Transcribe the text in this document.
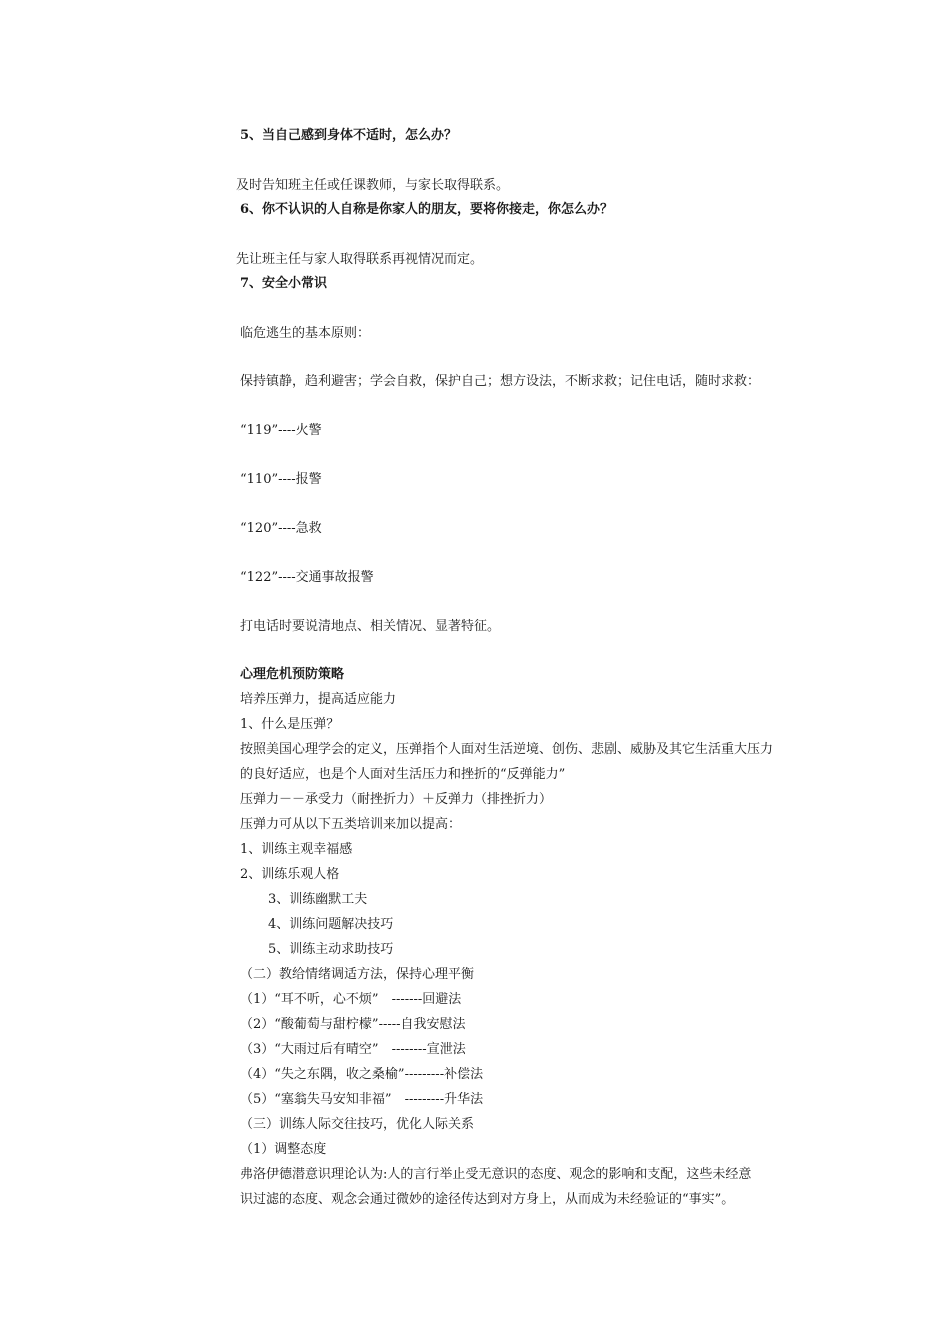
5、当自己感到身体不适时，怎么办？
及时告知班主任或任课教师，与家长取得联系。
6、你不认识的人自称是你家人的朋友，要将你接走，你怎么办？
先让班主任与家人取得联系再视情况而定。
7、安全小常识
临危逃生的基本原则：
保持镇静，趋利避害；学会自救，保护自己；想方设法，不断求救；记住电话，随时求救：
“119”----火警
“110”----报警
“120”----急救
“122”----交通事故报警
打电话时要说清地点、相关情况、显著特征。
心理危机预防策略
培养压弹力，提高适应能力
1、什么是压弹？
按照美国心理学会的定义，压弹指个人面对生活逆境、创伤、悲剧、威胁及其它生活重大压力
的良好适应，也是个人面对生活压力和挫折的“反弹能力”
压弹力－－承受力（耐挫折力）＋反弹力（排挫折力）
压弹力可从以下五类培训来加以提高：
1、训练主观幸福感
2、训练乐观人格
3、训练幽默工夫
4、训练问题解决技巧
5、训练主动求助技巧
（二）教给情绪调适方法，保持心理平衡
（1）“耳不听，心不烦”　-------回避法
（2）“酸葡萄与甜柠檬”-----自我安慰法
（3）“大雨过后有晴空”　--------宣泄法
（4）“失之东隅，收之桑榆”---------补偿法
（5）“塞翁失马安知非福”　---------升华法
（三）训练人际交往技巧，优化人际关系
（1）调整态度
弗洛伊德潜意识理论认为:人的言行举止受无意识的态度、观念的影响和支配，这些未经意
识过滤的态度、观念会通过微妙的途径传达到对方身上，从而成为未经验证的“事实”。
